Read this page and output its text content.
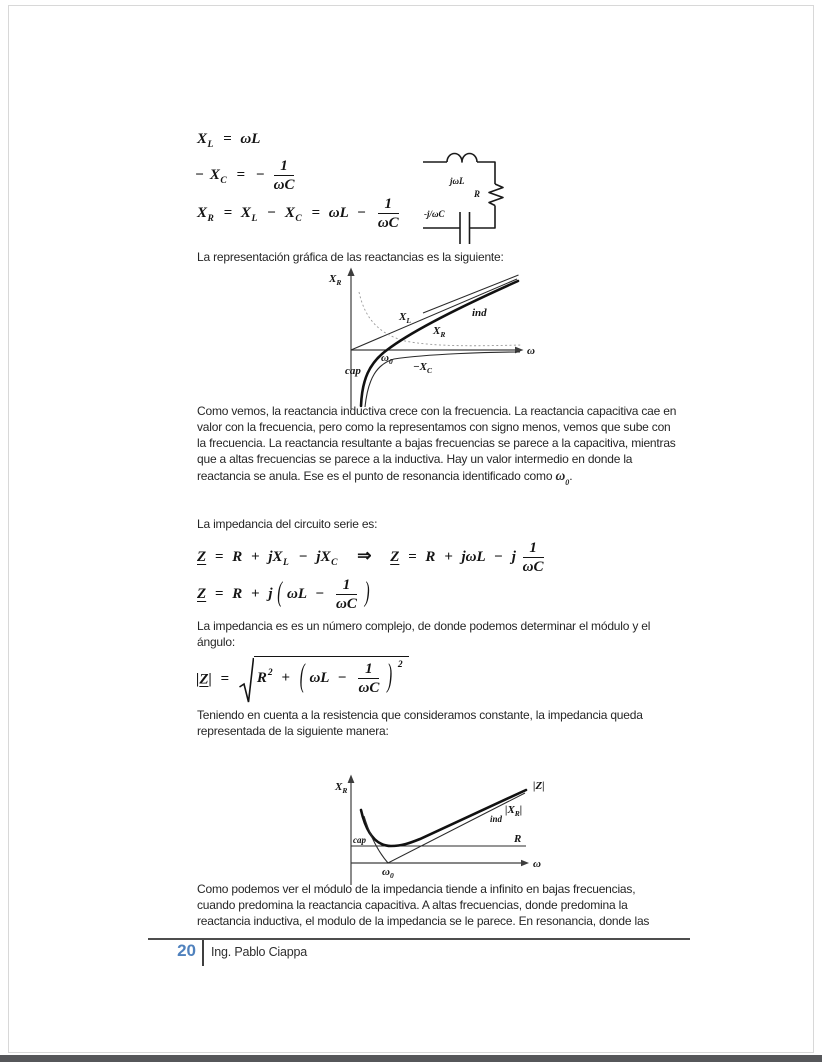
$X_L = \omega L$
− $X_C$ = − $\frac{1}{\omega C}$
$X_R = X_L - X_C = \omega L - \frac{1}{\omega C}$
jωL
R
-j/ωC

La representación gráfica de las reactancias es la siguiente:

$X_R$
ω
$X_L$
$X_R$
ind
$\omega_0$
cap	$-X_C$

Como vemos, la reactancia inductiva crece con la frecuencia. La reactancia capacitiva cae en
valor con la frecuencia, pero como la representamos con signo menos, vemos que sube con
la frecuencia. La reactancia resultante a bajas frecuencias se parece a la capacitiva, mientras
que a altas frecuencias se parece a la inductiva. Hay un valor intermedio en donde la
reactancia se anula. Ese es el punto de resonancia identificado como $\omega_0$.

La impedancia del circuito serie es:

$Z = R + jX_L - jX_C$ ⇒ Z = R + jωL − j $\frac{1}{\omega C}$
Z = R + j ( $\omega L - \frac{1}{\omega C}$ )

La impedancia es es un número complejo, de donde podemos determinar el módulo y el
ángulo:

$|Z| = R^2$ + ( $\omega L - \frac{1}{\omega C}$ ) $^2$

Teniendo en cuenta a la resistencia que consideramos constante, la impedancia queda
representada de la siguiente manera:

$X_R$
ω
|Z|
$|X_R|$
ind
R
cap
$\omega_0$

Como podemos ver el módulo de la impedancia tiende a infinito en bajas frecuencias,
cuando predomina la reactancia capacitiva. A altas frecuencias, donde predomina la
reactancia inductiva, el modulo de la impedancia se le parece. En resonancia, donde las

20 Ing. Pablo Ciappa
